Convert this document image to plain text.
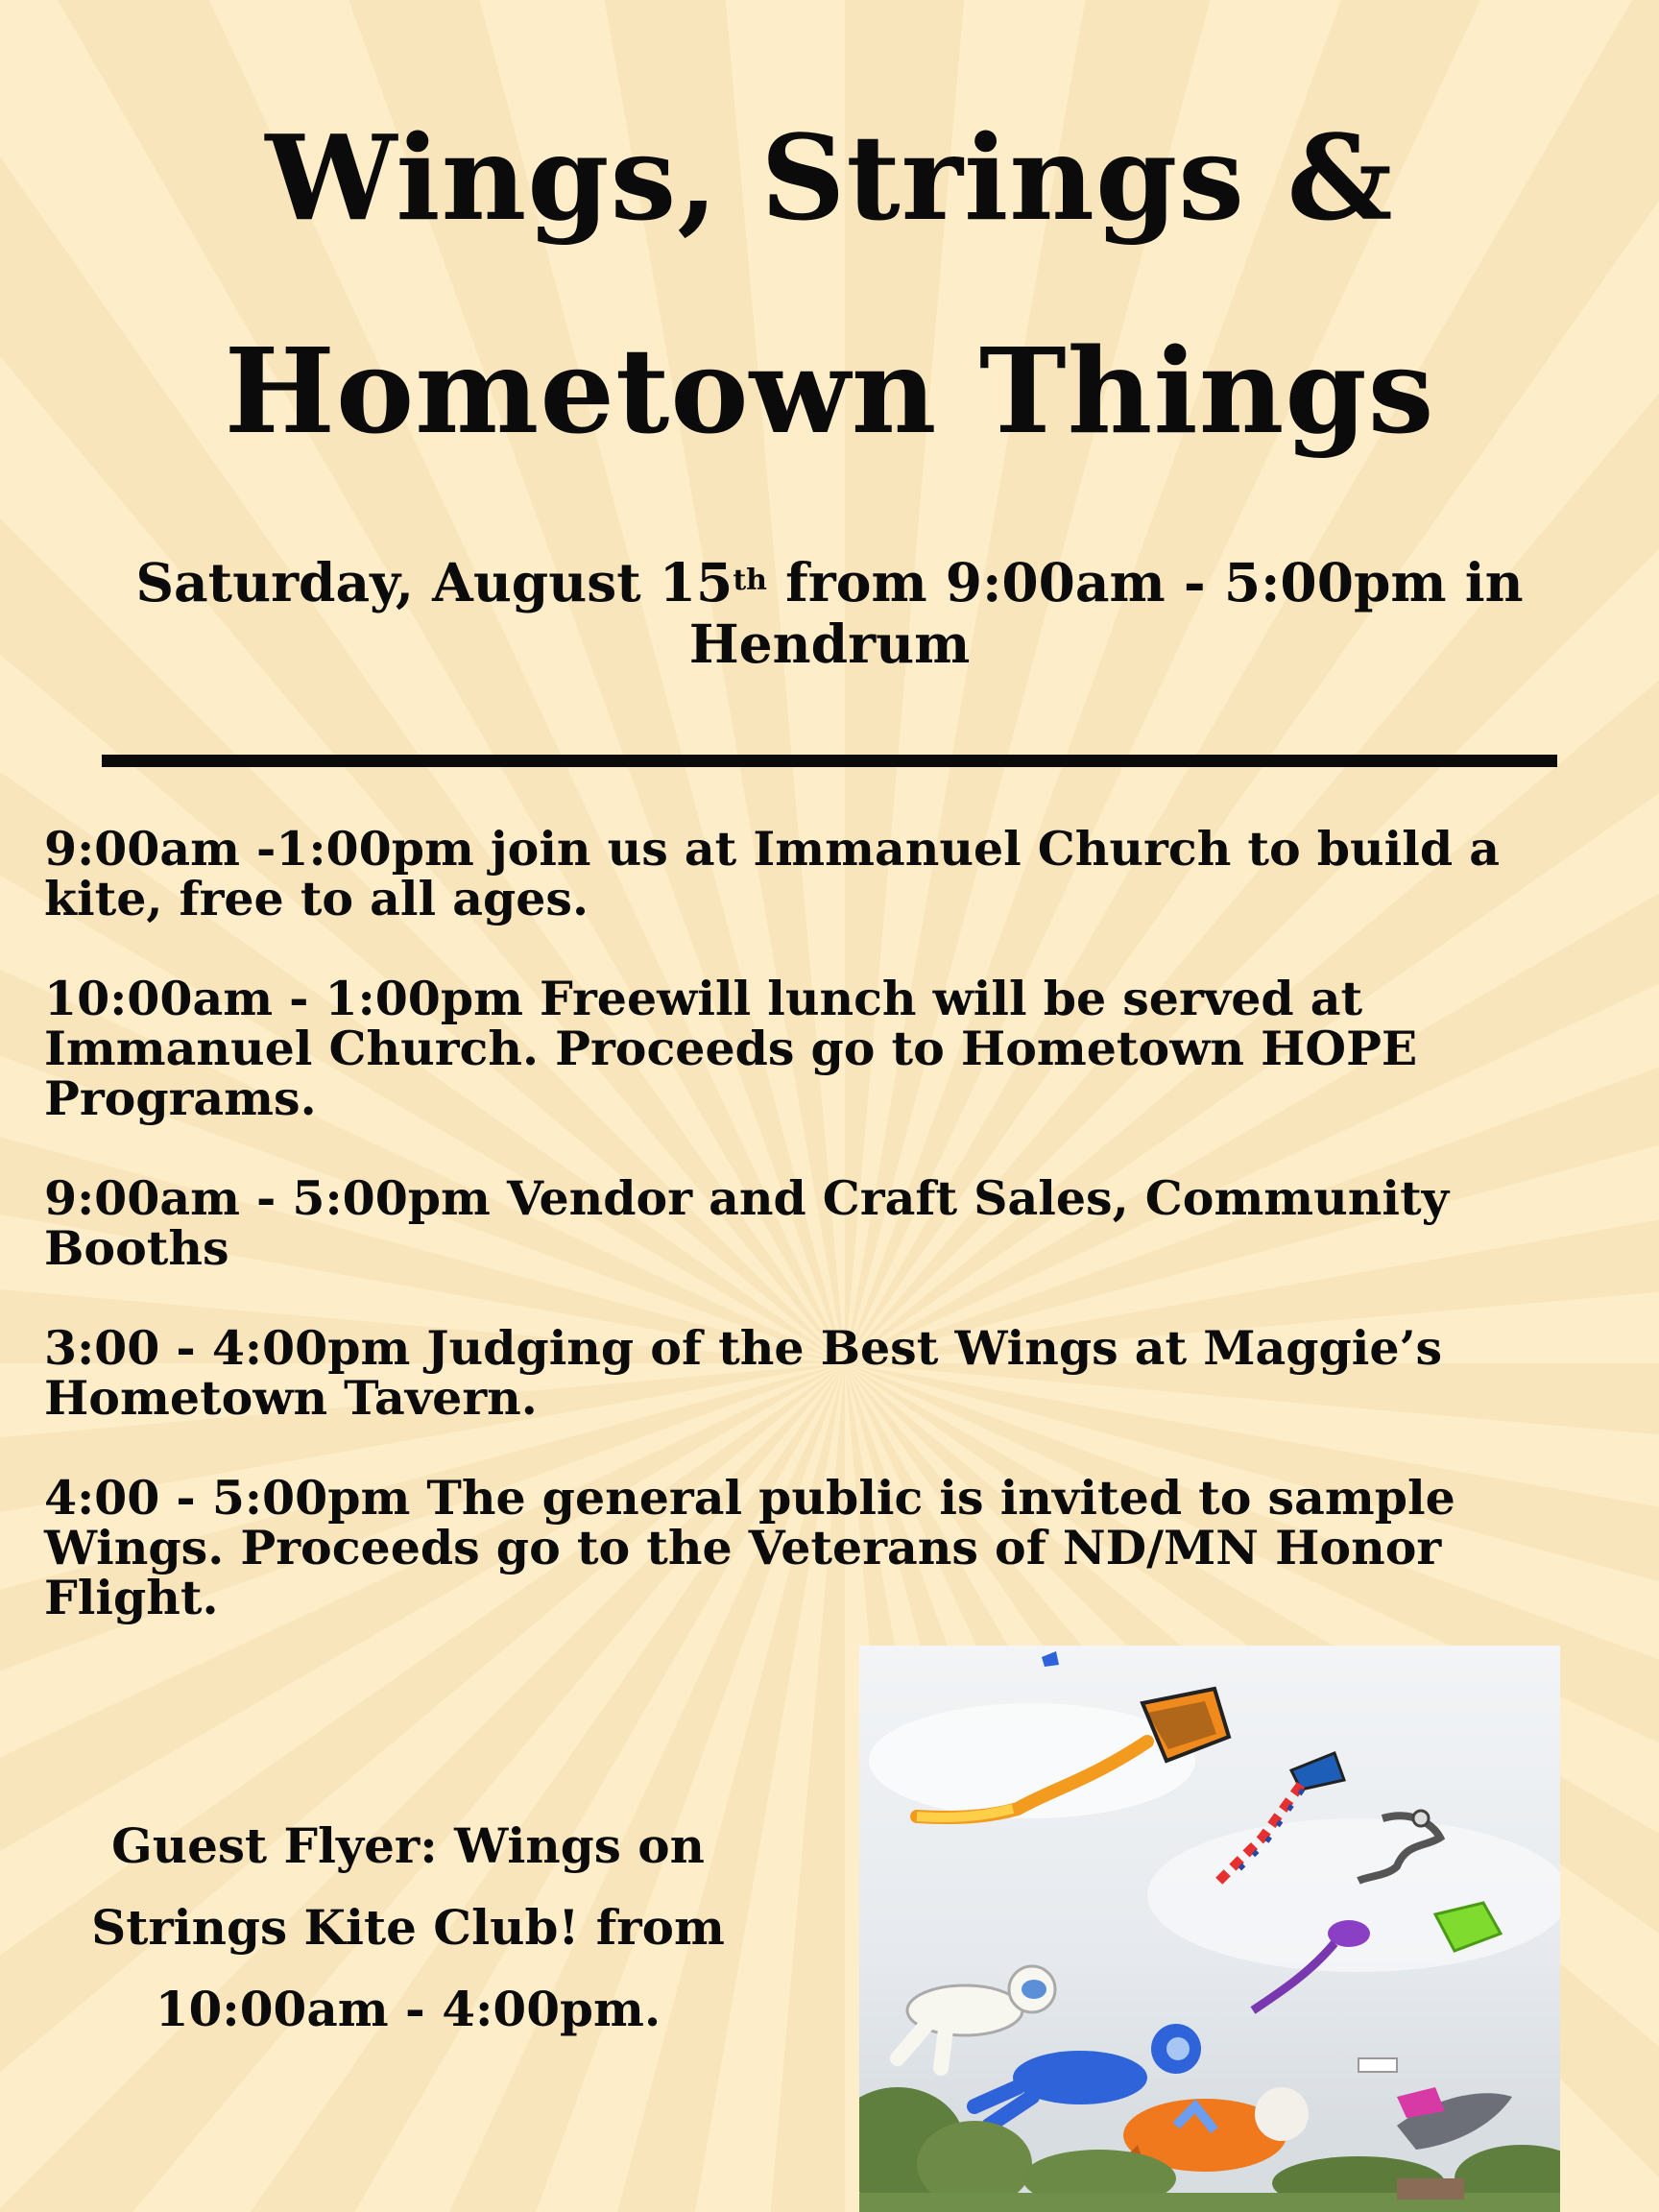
Wings, Strings &
Hometown Things
Saturday, August 15th from 9:00am - 5:00pm in
Hendrum
9:00am -1:00pm join us at Immanuel Church to build a
kite, free to all ages.
10:00am - 1:00pm Freewill lunch will be served at
Immanuel Church. Proceeds go to Hometown HOPE
Programs.
9:00am - 5:00pm Vendor and Craft Sales, Community
Booths
3:00 - 4:00pm Judging of the Best Wings at Maggie’s
Hometown Tavern.
4:00 - 5:00pm The general public is invited to sample
Wings. Proceeds go to the Veterans of ND/MN Honor
Flight.
Guest Flyer: Wings on
Strings Kite Club! from
10:00am - 4:00pm.
